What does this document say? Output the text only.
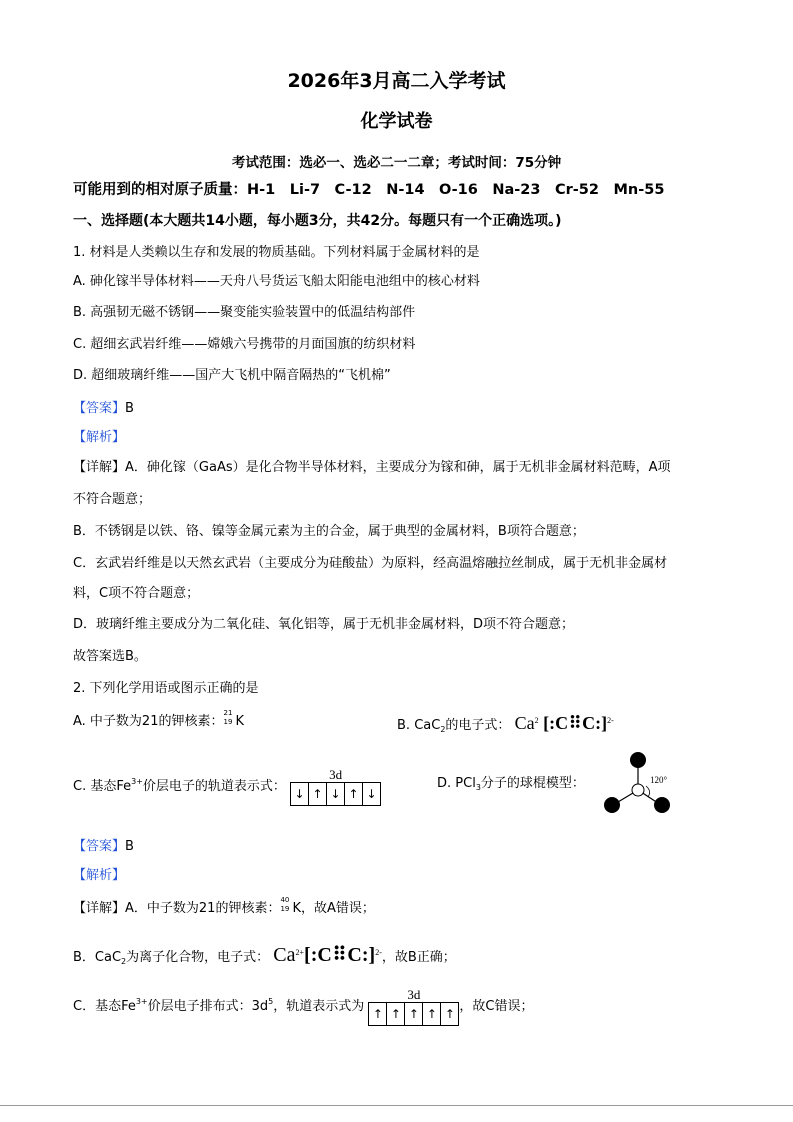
2026年3月高二入学考试
化学试卷
考试范围：选必一、选必二一二章；考试时间：75分钟
可能用到的相对原子质量：H-1　Li-7　C-12　N-14　O-16　Na-23　Cr-52　Mn-55
一、选择题(本大题共14小题，每小题3分，共42分。每题只有一个正确选项。)
1. 材料是人类赖以生存和发展的物质基础。下列材料属于金属材料的是
A. 砷化镓半导体材料——天舟八号货运飞船太阳能电池组中的核心材料
B. 高强韧无磁不锈钢——聚变能实验装置中的低温结构部件
C. 超细玄武岩纤维——嫦娥六号携带的月面国旗的纺织材料
D. 超细玻璃纤维——国产大飞机中隔音隔热的“飞机棉”
【答案】B
【解析】
【详解】A．砷化镓（GaAs）是化合物半导体材料，主要成分为镓和砷，属于无机非金属材料范畴，A项
不符合题意；
B．不锈钢是以铁、铬、镍等金属元素为主的合金，属于典型的金属材料，B项符合题意；
C．玄武岩纤维是以天然玄武岩（主要成分为硅酸盐）为原料，经高温熔融拉丝制成，属于无机非金属材
料，C项不符合题意；
D．玻璃纤维主要成分为二氧化硅、氧化铝等，属于无机非金属材料，D项不符合题意；
故答案选B。
2. 下列化学用语或图示正确的是
A. 中子数为21的钾核素：
21
19 K	B. CaC$_2$的电子式： Ca$^2$ [:C⠿C:]$^{2-}$
C. 基态$Fe^{3+}$价层电子的轨道表示式：
3d
↓ ↑ ↓ ↑ ↓
D. PCl$_3$分子的球棍模型：	120°
【答案】B
【解析】
【详解】A．中子数为21的钾核素：
40
19 K，故A错误；
B．CaC$_2$为离子化合物，电子式： $Ca^{2+}[:C⠿C:]^{2-}$，故B正确；
C．基态$Fe^{3+}$价层电子排布式：$3d^5$，轨道表示式为
3d
↑ ↑ ↑ ↑ ↑ ，故C错误；
